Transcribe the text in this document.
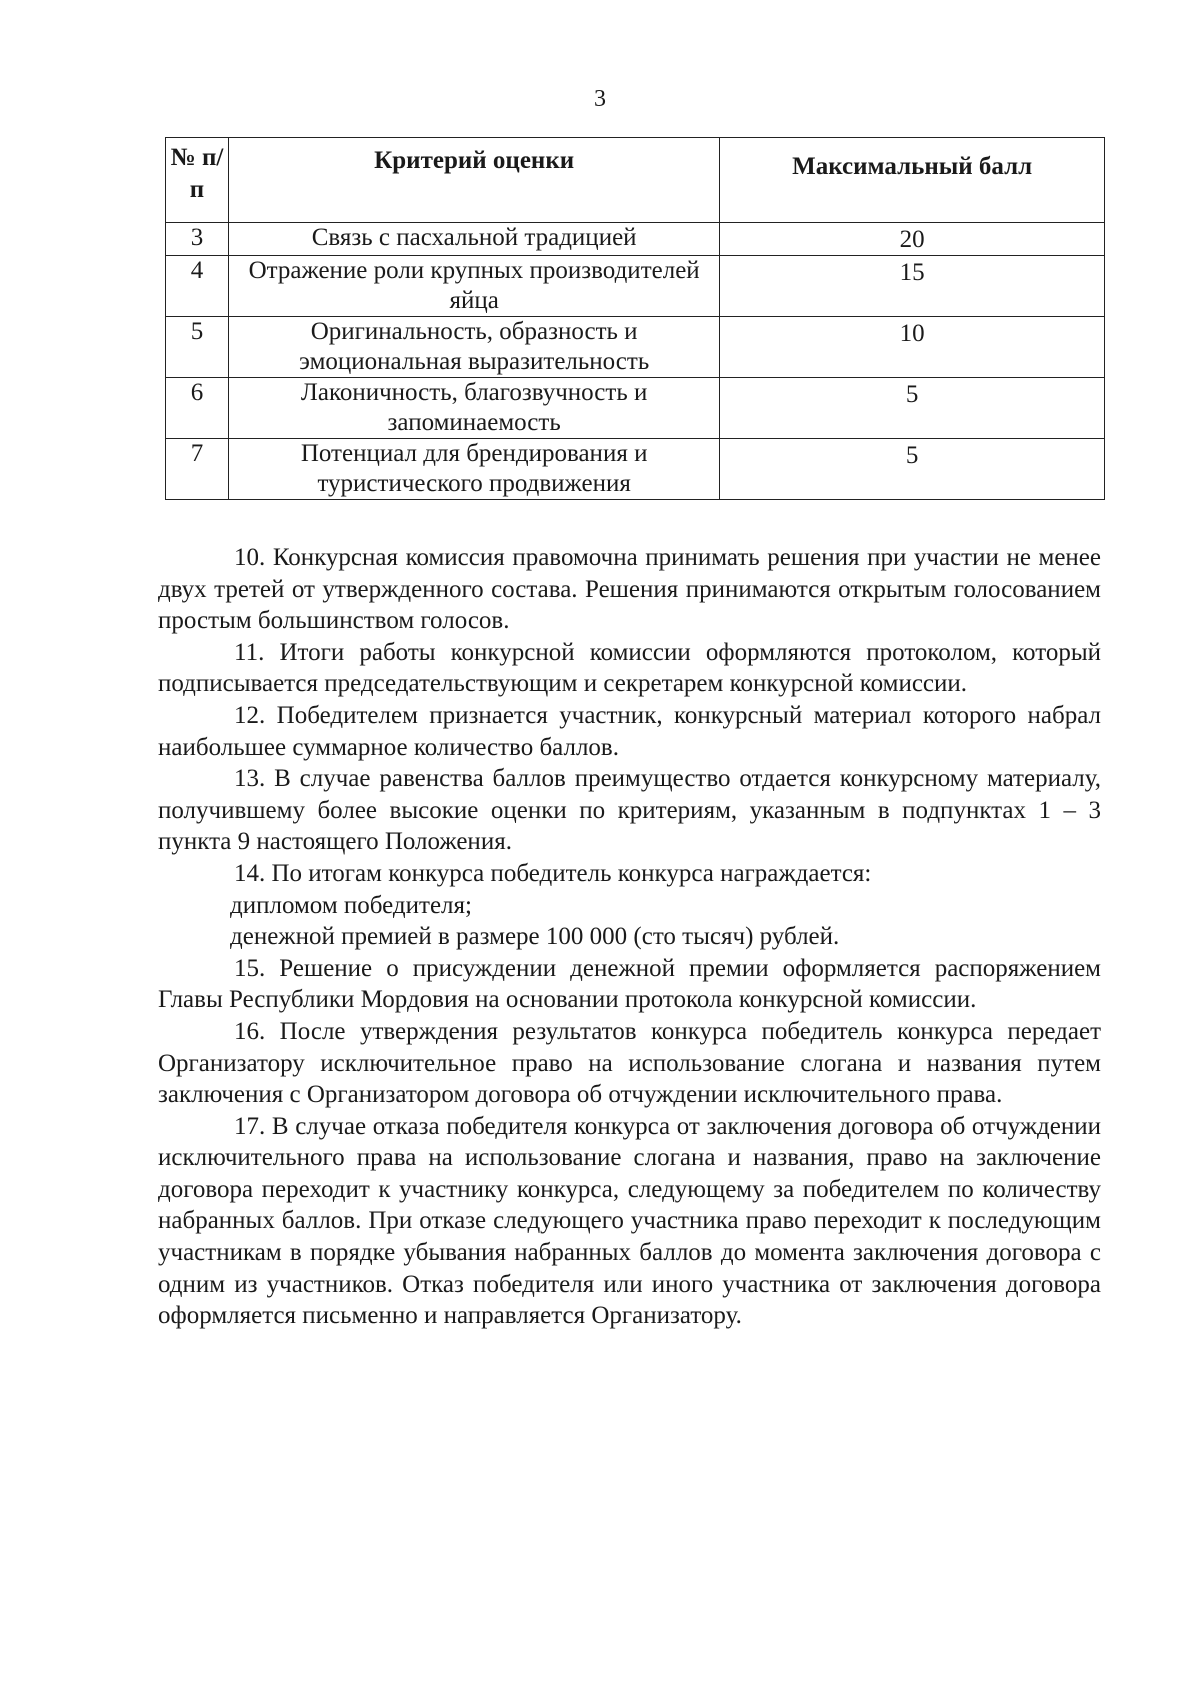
3
№ п/п	Критерий оценки	Максимальный балл
3	Связь с пасхальной традицией	20
4	Отражение роли крупных производителей яйца	15
5	Оригинальность, образность и эмоциональная выразительность	10
6	Лаконичность, благозвучность и запоминаемость	5
7	Потенциал для брендирования и туристического продвижения	5

10. Конкурсная комиссия правомочна принимать решения при участии не менее двух третей от утвержденного состава. Решения принимаются открытым голосованием простым большинством голосов.

11. Итоги работы конкурсной комиссии оформляются протоколом, который подписывается председательствующим и секретарем конкурсной комиссии.

12. Победителем признается участник, конкурсный материал которого набрал наибольшее суммарное количество баллов.

13. В случае равенства баллов преимущество отдается конкурсному материалу, получившему более высокие оценки по критериям, указанным в подпунктах 1 – 3 пункта 9 настоящего Положения.

14. По итогам конкурса победитель конкурса награждается:

дипломом победителя;

денежной премией в размере 100 000 (сто тысяч) рублей.

15. Решение о присуждении денежной премии оформляется распоряжением Главы Республики Мордовия на основании протокола конкурсной комиссии.

16. После утверждения результатов конкурса победитель конкурса передает Организатору исключительное право на использование слогана и названия путем заключения с Организатором договора об отчуждении исключительного права.

17. В случае отказа победителя конкурса от заключения договора об отчуждении исключительного права на использование слогана и названия, право на заключение договора переходит к участнику конкурса, следующему за победителем по количеству набранных баллов. При отказе следующего участника право переходит к последующим участникам в порядке убывания набранных баллов до момента заключения договора с одним из участников. Отказ победителя или иного участника от заключения договора оформляется письменно и направляется Организатору.
